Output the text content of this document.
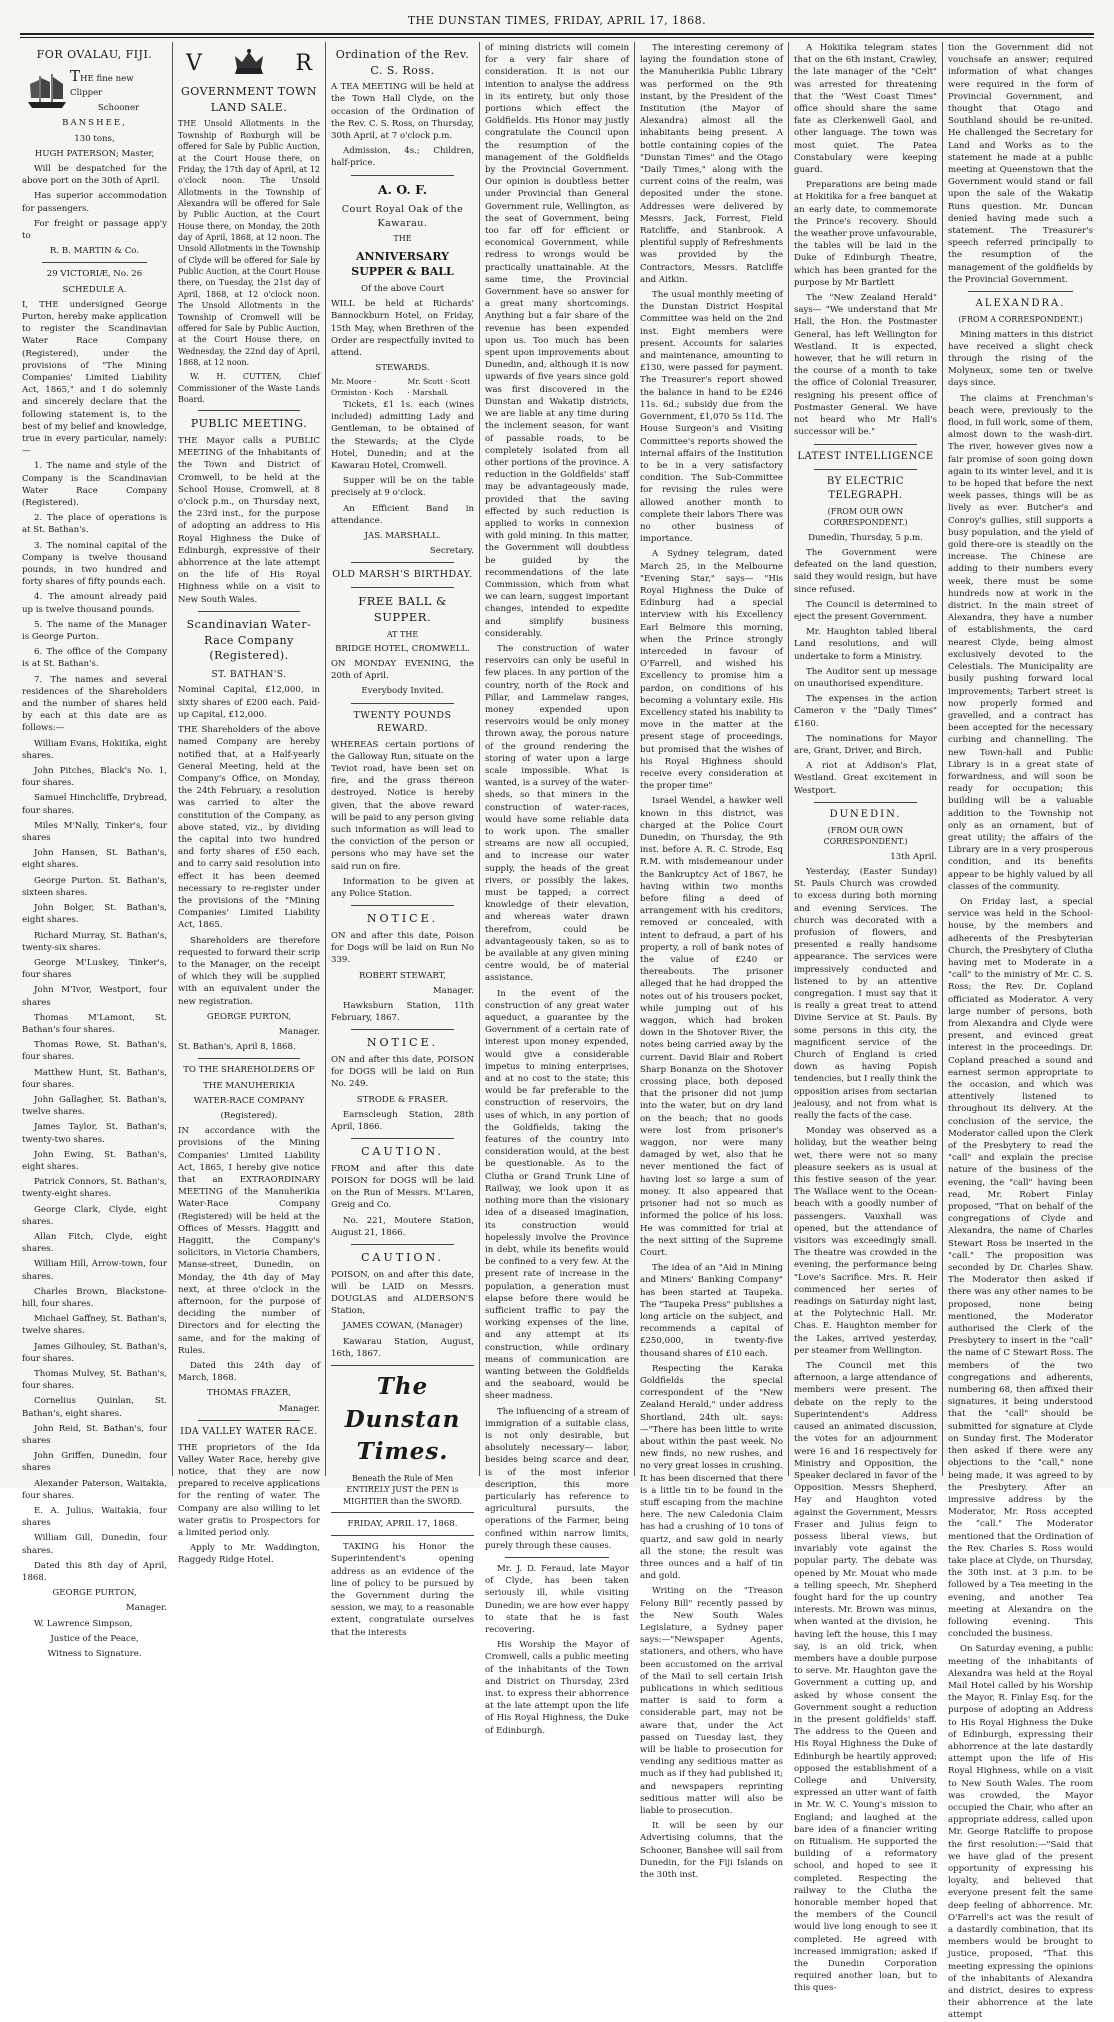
THE DUNSTAN TIMES, FRIDAY, APRIL 17, 1868.
FOR OVALAU, FIJI.

THE fine new Clipper

Schooner

BANSHEE,

130 tons,

HUGH PATERSON; Master,

Will be despatched for the above port on the 30th of April.

Has superior accommodation for passengers.

For freight or passage app'y to

R. B. MARTIN & Co.

29 VICTORIÆ, No. 26

SCHEDULE A.

I, THE undersigned George Purton, hereby make application to register the Scandinavian Water Race Company (Registered), under the provisions of "The Mining Companies' Limited Liability Act, 1865," and I do solemnly and sincerely declare that the following statement is, to the best of my belief and knowledge, true in every particular, namely:—

1. The name and style of the Company is the Scandinavian Water Race Company (Registered).

2. The place of operations is at St. Bathan's.

3. The nominal capital of the Company is twelve thousand pounds, in two hundred and forty shares of fifty pounds each.

4. The amount already paid up is twelve thousand pounds.

5. The name of the Manager is George Purton.

6. The office of the Company is at St. Bathan's.

7. The names and several residences of the Shareholders and the number of shares held by each at this date are as follows:—

William Evans, Hokitika, eight shares.

John Pitches, Black's No. 1, four shares.

Samuel Hinchcliffe, Drybread, four shares.

Miles M'Nally, Tinker's, four shares

John Hansen, St. Bathan's, eight shares.

George Purton. St. Bathan's, sixteen shares.

John Bolger, St. Bathan's, eight shares.

Richard Murray, St. Bathan's, twenty-six shares.

George M'Luskey, Tinker's, four shares

John M'Ivor, Westport, four shares

Thomas M'Lamont, St. Bathan's four shares.

Thomas Rowe, St. Bathan's, four shares.

Matthew Hunt, St. Bathan's, four shares.

John Gallagher, St. Bathan's, twelve shares.

James Taylor, St. Bathan's, twenty-two shares.

John Ewing, St. Bathan's, eight shares.

Patrick Connors, St. Bathan's, twenty-eight shares.

George Clark, Clyde, eight shares.

Allan Fitch, Clyde, eight shares.

William Hill, Arrow-town, four shares.

Charles Brown, Blackstone-hill, four shares.

Michael Gaffney, St. Bathan's, twelve shares.

James Gilhouley, St. Bathan's, four shares.

Thomas Mulvey, St. Bathan's, four shares.

Cornelius Quinlan, St. Bathan's, eight shares.

John Reid, St. Bathan's, four shares

John Griffen, Dunedin, four shares

Alexander Paterson, Waitakia, four shares.

E. A. Julius, Waitakia, four shares

William Gill, Dunedin, four shares.

Dated this 8th day of April, 1868.

GEORGE PURTON,

Manager.

W. Lawrence Simpson,

Justice of the Peace,

Witness to Signature.

V	R
GOVERNMENT TOWN LAND SALE.

THE Unsold Allotments in the Township of Roxburgh will be offered for Sale by Public Auction, at the Court House there, on Friday, the 17th day of April, at 12 o'clock noon. The Unsold Allotments in the Township of Alexandra will be offered for Sale by Public Auction, at the Court House there, on Monday, the 20th day of April, 1868, at 12 noon. The Unsold Allotments in the Township of Clyde will be offered for Sale by Public Auction, at the Court House there, on Tuesday, the 21st day of April, 1868, at 12 o'clock noon. The Unsold Allotments in the Township of Cromwell will be offered for Sale by Public Auction, at the Court House there, on Wednesday, the 22nd day of April, 1868, at 12 noon.

W. H. CUTTEN, Chief Commissioner of the Waste Lands Board.

PUBLIC MEETING.

THE Mayor calls a PUBLIC MEETING of the Inhabitants of the Town and District of Cromwell, to be held at the School House, Cromwell, at 8 o'clock p.m., on Thursday next, the 23rd inst., for the purpose of adopting an address to His Royal Highness the Duke of Edinburgh, expressive of their abhorrence at the late attempt on the life of His Royal Highness while on a visit to New South Wales.

Scandinavian Water-Race Company (Registered).
ST. BATHAN'S.

Nominal Capital, £12,000, in sixty shares of £200 each. Paid-up Capital, £12,000.

THE Shareholders of the above named Company are hereby notified that, at a Half-yearly General Meeting, held at the Company's Office, on Monday, the 24th February, a resolution was carried to alter the constitution of the Company, as above stated, viz., by dividing the capital into two hundred and forty shares of £50 each, and to carry said resolution into effect it has been deemed necessary to re-register under the provisions of the "Mining Companies' Limited Liability Act, 1865.

Shareholders are therefore requested to forward their scrip to the Manager, on the receipt of which they will be supplied with an equivalent under the new registration.

GEORGE PURTON,

Manager.

St. Bathan's, April 8, 1868.

TO THE SHAREHOLDERS OF

THE MANUHERIKIA

WATER-RACE COMPANY

(Registered).

IN accordance with the provisions of the Mining Companies' Limited Liability Act, 1865, I hereby give notice that an EXTRAORDINARY MEETING of the Manuherikia Water-Race Company (Registered) will be held at the Offices of Messrs. Haggitt and Haggitt, the Company's solicitors, in Victoria Chambers, Manse-street, Dunedin, on Monday, the 4th day of May next, at three o'clock in the afternoon, for the purpose of deciding the number of Directors and for electing the same, and for the making of Rules.

Dated this 24th day of March, 1868.

THOMAS FRAZER,

Manager.

IDA VALLEY WATER RACE.

THE proprietors of the Ida Valley Water Race, hereby give notice, that they are now prepared to receive applications for the renting of water. The Company are also willing to let water gratis to Prospectors for a limited period only.

Apply to Mr. Waddington, Raggedy Ridge Hotel.

Ordination of the Rev. C. S. Ross.

A TEA MEETING will be held at the Town Hall Clyde, on the occasion of the Ordination of the Rev. C. S. Ross, on Thursday, 30th April, at 7 o'clock p.m.

Admission, 4s.; Children, half-price.

A. O. F.
Court Royal Oak of the Kawarau.

THE

ANNIVERSARY SUPPER & BALL

Of the above Court

WILL be held at Richards' Bannockburn Hotel, on Friday, 15th May, when Brethren of the Order are respectfully invited to attend.

STEWARDS.

Mr. Moore · Ormiston · Koch
Mr. Scott · Scott · Marshall.

Tickets, £1 1s. each (wines included) admitting Lady and Gentleman, to be obtained of the Stewards; at the Clyde Hotel, Dunedin; and at the Kawarau Hotel, Cromwell.

Supper will be on the table precisely at 9 o'clock.

An Efficient Band in attendance.

JAS. MARSHALL.

Secretary.

OLD MARSH'S BIRTHDAY.
FREE BALL & SUPPER.

AT THE

BRIDGE HOTEL, CROMWELL.

ON MONDAY EVENING, the 20th of April.

Everybody Invited.

TWENTY POUNDS REWARD.

WHEREAS certain portions of the Galloway Run, situate on the Teviot road, have been set on fire, and the grass thereon destroyed. Notice is hereby given, that the above reward will be paid to any person giving such information as will lead to the conviction of the person or persons who may have set the said run on fire.

Information to be given at any Police Station.

NOTICE.

ON and after this date, Poison for Dogs will be laid on Run No 339.

ROBERT STEWART,

Manager.

Hawksburn Station, 11th February, 1867.

NOTICE.

ON and after this date, POISON for DOGS will be laid on Run No. 249.

STRODE & FRASER.

Earnscleugh Station, 28th April, 1866.

CAUTION.

FROM and after this date POISON for DOGS will be laid on the Run of Messrs. M'Laren, Greig and Co.

No. 221, Moutere Station, August 21, 1866.

CAUTION.

POISON, on and after this date, will be LAID on Messrs. DOUGLAS and ALDERSON'S Station,

JAMES COWAN, (Manager)

Kawarau Station, August, 16th, 1867.

The Dunstan Times.

Beneath the Rule of Men ENTIRELY JUST the PEN is MIGHTIER than the SWORD.

FRIDAY, APRIL 17, 1868.

TAKING his Honor the Superintendent's opening address as an evidence of the line of policy to be pursued by the Government during the session, we may, to a reasonable extent, congratulate ourselves that the interests

of mining districts will comein for a very fair share of consideration. It is not our intention to analyse the address in its entirety, but only those portions which effect the Goldfields. His Honor may justly congratulate the Council upon the resumption of the management of the Goldfields by the Provincial Government. Our opinion is doubtless better under Provincial than General Government rule, Wellington, as the seat of Government, being too far off for efficient or economical Government, while redress to wrongs would be practically unattainable. At the same time, the Provincial Government have so answer for a great many shortcomings. Anything but a fair share of the revenue has been expended upon us. Too much has been spent upon improvements about Dunedin, and, although it is now upwards of five years since gold was first discovered in the Dunstan and Wakatip districts, we are liable at any time during the inclement season, for want of passable roads, to be completely isolated from all other portions of the province. A reduction in the Goldfields' staff may be advantageously made, provided that the saving effected by such reduction is applied to works in connexion with gold mining. In this matter, the Government will doubtless be guided by the recommendations of the late Commission, which from what we can learn, suggest important changes, intended to expedite and simplify business considerably.

The construction of water reservoirs can only be useful in few places. In any portion of the country, north of the Rock and Pillar, and Lammelaw ranges, money expended upon reservoirs would be only money thrown away, the porous nature of the ground rendering the storing of water upon a large scale impossible. What is wanted, is a survey of the water-sheds, so that miners in the construction of water-races, would have some reliable data to work upon. The smaller streams are now all occupied, and to increase our water supply, the heads of the great rivers, or possibly the lakes, must be tapped; a correct knowledge of their elevation, and whereas water drawn therefrom, could be advantageously taken, so as to be available at any given mining centre would, be of material assistance.

In the event of the construction of any great water aqueduct, a guarantee by the Government of a certain rate of interest upon money expended, would give a considerable impetus to mining enterprises, and at no cost to the state; this would be far preferable to the construction of reservoirs, the uses of which, in any portion of the Goldfields, taking the features of the country into consideration would, at the best be questionable. As to the Clutha or Grand Trunk Line of Railway, we look upon it as nothing more than the visionary idea of a diseased imagination, its construction would hopelessly involve the Province in debt, while its benefits would be confined to a very few. At the present rate of increase in the population, a generation must elapse before there would be sufficient traffic to pay the working expenses of the line, and any attempt at its construction, while ordinary means of communication are wanting between the Goldfields and the seaboard, would be sheer madness.

The influencing of a stream of immigration of a suitable class, is not only desirable, but absolutely necessary— labor, besides being scarce and dear, is of the most inferior description, this more particularly has reference to agricultural pursuits, the operations of the Farmer, being confined within narrow limits, purely through these causes.

Mr. J. D. Feraud, late Mayor of Clyde, has been taken seriously ill, while visiting Dunedin; we are how ever happy to state that he is fast recovering.

His Worship the Mayor of Cromwell, calls a public meeting of the inhabitants of the Town and District on Thursday, 23rd inst. to express their abhorrence at the late attempt upon the life of His Royal Highness, the Duke of Edinburgh.

The interesting ceremony of laying the foundation stone of the Manuherikia Public Library was performed on the 9th instant, by the President of the Institution (the Mayor of Alexandra) almost all the inhabitants being present. A bottle containing copies of the "Dunstan Times" and the Otago "Daily Times," along with the current coins of the realm, was deposited under the stone. Addresses were delivered by Messrs. Jack, Forrest, Field Ratcliffe, and Stanbrook. A plentiful supply of Refreshments was provided by the Contractors, Messrs. Ratcliffe and Aitkin.

The usual monthly meeting of the Dunstan District Hospital Committee was held on the 2nd inst. Eight members were present. Accounts for salaries and maintenance, amounting to £130, were passed for payment. The Treasurer's report showed the balance in hand to be £246 11s. 6d.; subsidy due from the Government, £1,070 5s 11d. The House Surgeon's and Visiting Committee's reports showed the internal affairs of the Institution to be in a very satisfactory condition. The Sub-Committee for revising the rules were allowed another month to complete their labors There was no other business of importance.

A Sydney telegram, dated March 25, in the Melbourne "Evening Star," says— "His Royal Highness the Duke of Edinburg had a special interview with his Excellency Earl Belmore this morning, when the Prince strongly interceded in favour of O'Farrell, and wished his Excellency to promise him a pardon, on conditions of his becoming a voluntary exile. His Excellency stated his inability to move in the matter at the present stage of proceedings, but promised that the wishes of his Royal Highness should receive every consideration at the proper time"

Israel Wendel, a hawker well known in this district, was charged at the Police Court Dunedin, on Thursday, the 9th inst. before A. R. C. Strode, Esq R.M. with misdemeanour under the Bankruptcy Act of 1867, he having within two months before filing a deed of arrangement with his creditors, removed or concealed, with intent to defraud, a part of his property, a roll of bank notes of the value of £240 or thereabouts. The prisoner alleged that he had dropped the notes out of his trousers pocket, while jumping out of his waggon, which had broken down in the Shotover River, the notes being carried away by the current. David Blair and Robert Sharp Bonanza on the Shotover crossing place, both deposed that the prisoner did not jump into the water, but on dry land on the beach; that no goods were lost from prisoner's waggon, nor were many damaged by wet, also that he never mentioned the fact of having lost so large a sum of money. It also appeared that prisoner had not so much as informed the police of his loss. He was committed for trial at the next sitting of the Supreme Court.

The idea of an "Aid in Mining and Miners' Banking Company" has been started at Taupeka. The "Taupeka Press" publishes a long article on the subject, and recommends a capital of £250,000, in twenty-five thousand shares of £10 each.

Respecting the Karaka Goldfields the special correspondent of the "New Zealand Herald," under address Shortland, 24th ult. says:—"There has been little to write about within the past week. No new finds, no new rushes, and no very great losses in crushing. It has been discerned that there is a little tin to be found in the stuff escaping from the machine here. The new Caledonia Claim has had a crushing of 10 tons of quartz, and saw gold in nearly all the stone; the result was three ounces and a half of tin and gold.

Writing on the "Treason Felony Bill" recently passed by the New South Wales Legislature, a Sydney paper says:—"Newspaper Agents, stationers, and others, who have been accustomed on the arrival of the Mail to sell certain Irish publications in which seditious matter is said to form a considerable part, may not be aware that, under the Act passed on Tuesday last, they will be liable to prosecution for vending any seditious matter as much as if they had published it; and newspapers reprinting seditious matter will also be liable to prosecution.

It will be seen by our Advertising columns, that the Schooner, Banshee will sail from Dunedin, for the Fiji Islands on the 30th inst.

A Hokitika telegram states that on the 6th instant, Crawley, the late manager of the "Celt" was arrested for threatening that the "West Coast Times" office should share the same fate as Clerkenwell Gaol, and other language. The town was most quiet. The Patea Constabulary were keeping guard.

Preparations are being made at Hokitika for a free banquet at an early date, to commemorate the Prince's recovery. Should the weather prove unfavourable, the tables will be laid in the Duke of Edinburgh Theatre, which has been granted for the purpose by Mr Bartlett

The "New Zealand Herald" says— "We understand that Mr Hall, the Hon. the Postmaster General, has left Wellington for Westland. It is expected, however, that he will return in the course of a month to take the office of Colonial Treasurer, resigning his present office of Postmaster General. We have not heard who Mr Hall's successor will be."

LATEST INTELLIGENCE
BY ELECTRIC TELEGRAPH.

(FROM OUR OWN CORRESPONDENT.)

Dunedin, Thursday, 5 p.m.

The Government were defeated on the land question, said they would resign, but have since refused.

The Council is determined to eject the present Government.

Mr. Haughton tabled liberal Land resolutions, and will undertake to form a Ministry.

The Auditor sent up message on unauthorised expenditure.

The expenses in the action Cameron v the "Daily Times" £160.

The nominations for Mayor are, Grant, Driver, and Birch,

A riot at Addison's Flat, Westland. Great excitement in Westport.

DUNEDIN.

(FROM OUR OWN CORRESPONDENT.)

13th April.

Yesterday, (Easter Sunday) St. Pauls Church was crowded to excess during both morning and evening Services. The church was decorated with a profusion of flowers, and presented a really handsome appearance. The services were impressively conducted and listened to by an attentive congregation. I must say that it is really a great treat to attend Divine Service at St. Pauls. By some persons in this city, the magnificent service of the Church of England is cried down as having Popish tendencies, but I really think the opposition arises from sectarian jealousy, and not from what is really the facts of the case.

Monday was observed as a holiday, but the weather being wet, there were not so many pleasure seekers as is usual at this festive season of the year. The Wallace went to the Ocean-beach with a goodly number of passengers. Vauxhall was opened, but the attendance of visitors was exceedingly small. The theatre was crowded in the evening, the performance being "Love's Sacrifice. Mrs. R. Heir commenced her series of readings on Saturday night last, at the Polytechnic Hall. Mr. Chas. E. Haughton member for the Lakes, arrived yesterday, per steamer from Wellington.

The Council met this afternoon, a large attendance of members were present. The debate on the reply to the Superintendent's Address caused an animated discussion, the votes for an adjournment were 16 and 16 respectively for Ministry and Opposition, the Speaker declared in favor of the Opposition. Messrs Shepherd, Hay and Haughton voted against the Government, Messrs Fraser and Julius feign to possess liberal views, but invariably vote against the popular party. The debate was opened by Mr. Mouat who made a telling speech, Mr. Shepherd fought hard for the up country interests. Mr. Brown was minus, when wanted at the division, he having left the house, this I may say, is an old trick, when members have a double purpose to serve. Mr. Haughton gave the Government a cutting up, and asked by whose consent the Government sought a reduction in the present goldfields' staff. The address to the Queen and His Royal Highness the Duke of Edinburgh be heartily approved; opposed the establishment of a College and University, expressed an utter want of faith in Mr. W. C. Young's mission to England; and laughed at the bare idea of a financier writing on Ritualism. He supported the building of a reformatory school, and hoped to see it completed. Respecting the railway to the Clutha the honorable member hoped that the members of the Council would live long enough to see it completed. He agreed with increased immigration; asked if the Dunedin Corporation required another loan, but to this ques-

tion the Government did not vouchsafe an answer; required information of what changes were required in the form of Provincial Government, and thought that Otago and Southland should be re-united. He challenged the Secretary for Land and Works as to the statement he made at a public meeting at Queenstown that the Government would stand or fall upon the sale of the Wakatip Runs question. Mr. Duncan denied having made such a statement. The Treasurer's speech referred principally to the resumption of the management of the goldfields by the Provincial Government.

ALEXANDRA.

(FROM A CORRESPONDENT.)

Mining matters in this district have received a slight check through the rising of the Molyneux, some ten or twelve days since.

The claims at Frenchman's beach were, previously to the flood, in full work, some of them, almost down to the wash-dirt. The river, however gives now a fair promise of soon going down again to its winter level, and it is to be hoped that before the next week passes, things will be as lively as ever. Butcher's and Conroy's gullies, still supports a busy population, and the yield of gold there-ore is steadily on the increase. The Chinese are adding to their numbers every week, there must be some hundreds now at work in the district. In the main street of Alexandra, they have a number of establishments, the card nearest Clyde, being almost exclusively devoted to the Celestials. The Municipality are busily pushing forward local improvements; Tarbert street is now properly formed and gravelled, and a contract has been accepted for the necessary curbing and channelling. The new Town-hall and Public Library is in a great state of forwardness, and will soon be ready for occupation; this building will be a valuable addition to the Township not only as an ornament, but of great utility; the affairs of the Library are in a very prosperous condition, and its benefits appear to be highly valued by all classes of the community.

On Friday last, a special service was held in the School-house, by the members and adherents of the Presbyterian Church, the Presbytery of Clutha having met to Moderate in a "call" to the ministry of Mr. C. S. Ross; the Rev. Dr. Copland officiated as Moderator. A very large number of persons, both from Alexandra and Clyde were present, and evinced great interest in the proceedings. Dr. Copland preached a sound and earnest sermon appropriate to the occasion, and which was attentively listened to throughout its delivery. At the conclusion of the service, the Moderator called upon the Clerk of the Presbytery to read the "call" and explain the precise nature of the business of the evening, the "call" having been read, Mr. Robert Finlay proposed, "That on behalf of the congregations of Clyde and Alexandra, the name of Charles Stewart Ross be inserted in the "call." The proposition was seconded by Dr. Charles Shaw. The Moderator then asked if there was any other names to be proposed, none being mentioned, the Moderator authorised the Clerk of the Presbytery to insert in the "call" the name of C Stewart Ross. The members of the two congregations and adherents, numbering 68, then affixed their signatures, it being understood that the "call" should be submitted for signature at Clyde on Sunday first. The Moderator then asked if there were any objections to the "call," none being made, it was agreed to by the Presbytery. After an impressive address by the Moderator, Mr. Ross accepted the "call." The Moderator mentioned that the Ordination of the Rev. Charles S. Ross would take place at Clyde, on Thursday, the 30th inst. at 3 p.m. to be followed by a Tea meeting in the evening, and another Tea meeting at Alexandra on the following evening. This concluded the business.

On Saturday evening, a public meeting of the inhabitants of Alexandra was held at the Royal Mail Hotel called by his Worship the Mayor, R. Finlay Esq. for the purpose of adopting an Address to His Royal Highness the Duke of Edinburgh, expressing their abhorrence at the late dastardly attempt upon the life of His Royal Highness, while on a visit to New South Wales. The room was crowded, the Mayor occupied the Chair, who after an appropriate address, called upon Mr. George Ratcliffe to propose the first resolution:—"Said that we have glad of the present opportunity of expressing his loyalty, and believed that everyone present felt the same deep feeling of abhorrence. Mr. O'Farrell's act was the result of a dastardly combination, that its members would be brought to justice, proposed, "That this meeting expressing the opinions of the inhabitants of Alexandra and district, desires to express their abhorrence at the late attempt
